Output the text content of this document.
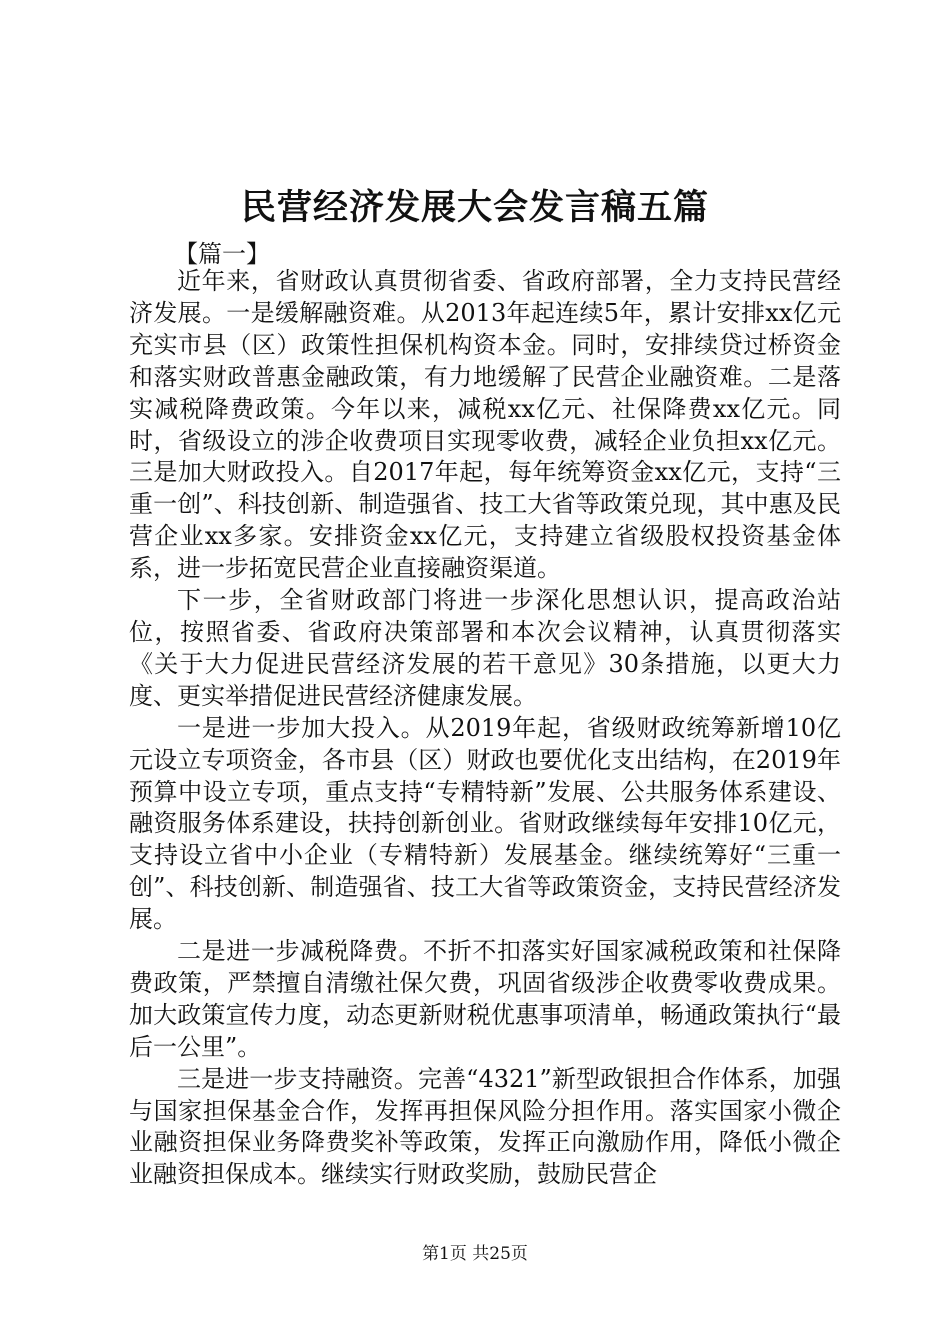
民营经济发展大会发言稿五篇
【篇一】

近年来，省财政认真贯彻省委、省政府部署，全力支持民营经济发展。一是缓解融资难。从2013年起连续5年，累计安排xx亿元充实市县（区）政策性担保机构资本金。同时，安排续贷过桥资金和落实财政普惠金融政策，有力地缓解了民营企业融资难。二是落实减税降费政策。今年以来，减税xx亿元、社保降费xx亿元。同时，省级设立的涉企收费项目实现零收费，减轻企业负担xx亿元。三是加大财政投入。自2017年起，每年统筹资金xx亿元，支持“三重一创”、科技创新、制造强省、技工大省等政策兑现，其中惠及民营企业xx多家。安排资金xx亿元，支持建立省级股权投资基金体系，进一步拓宽民营企业直接融资渠道。

下一步，全省财政部门将进一步深化思想认识，提高政治站位，按照省委、省政府决策部署和本次会议精神，认真贯彻落实《关于大力促进民营经济发展的若干意见》30条措施，以更大力度、更实举措促进民营经济健康发展。

一是进一步加大投入。从2019年起，省级财政统筹新增10亿元设立专项资金，各市县（区）财政也要优化支出结构，在2019年预算中设立专项，重点支持“专精特新”发展、公共服务体系建设、融资服务体系建设，扶持创新创业。省财政继续每年安排10亿元，支持设立省中小企业（专精特新）发展基金。继续统筹好“三重一创”、科技创新、制造强省、技工大省等政策资金，支持民营经济发展。

二是进一步减税降费。不折不扣落实好国家减税政策和社保降费政策，严禁擅自清缴社保欠费，巩固省级涉企收费零收费成果。加大政策宣传力度，动态更新财税优惠事项清单，畅通政策执行“最后一公里”。

三是进一步支持融资。完善“4321”新型政银担合作体系，加强与国家担保基金合作，发挥再担保风险分担作用。落实国家小微企业融资担保业务降费奖补等政策，发挥正向激励作用，降低小微企业融资担保成本。继续实行财政奖励，鼓励民营企

第1页 共25页
